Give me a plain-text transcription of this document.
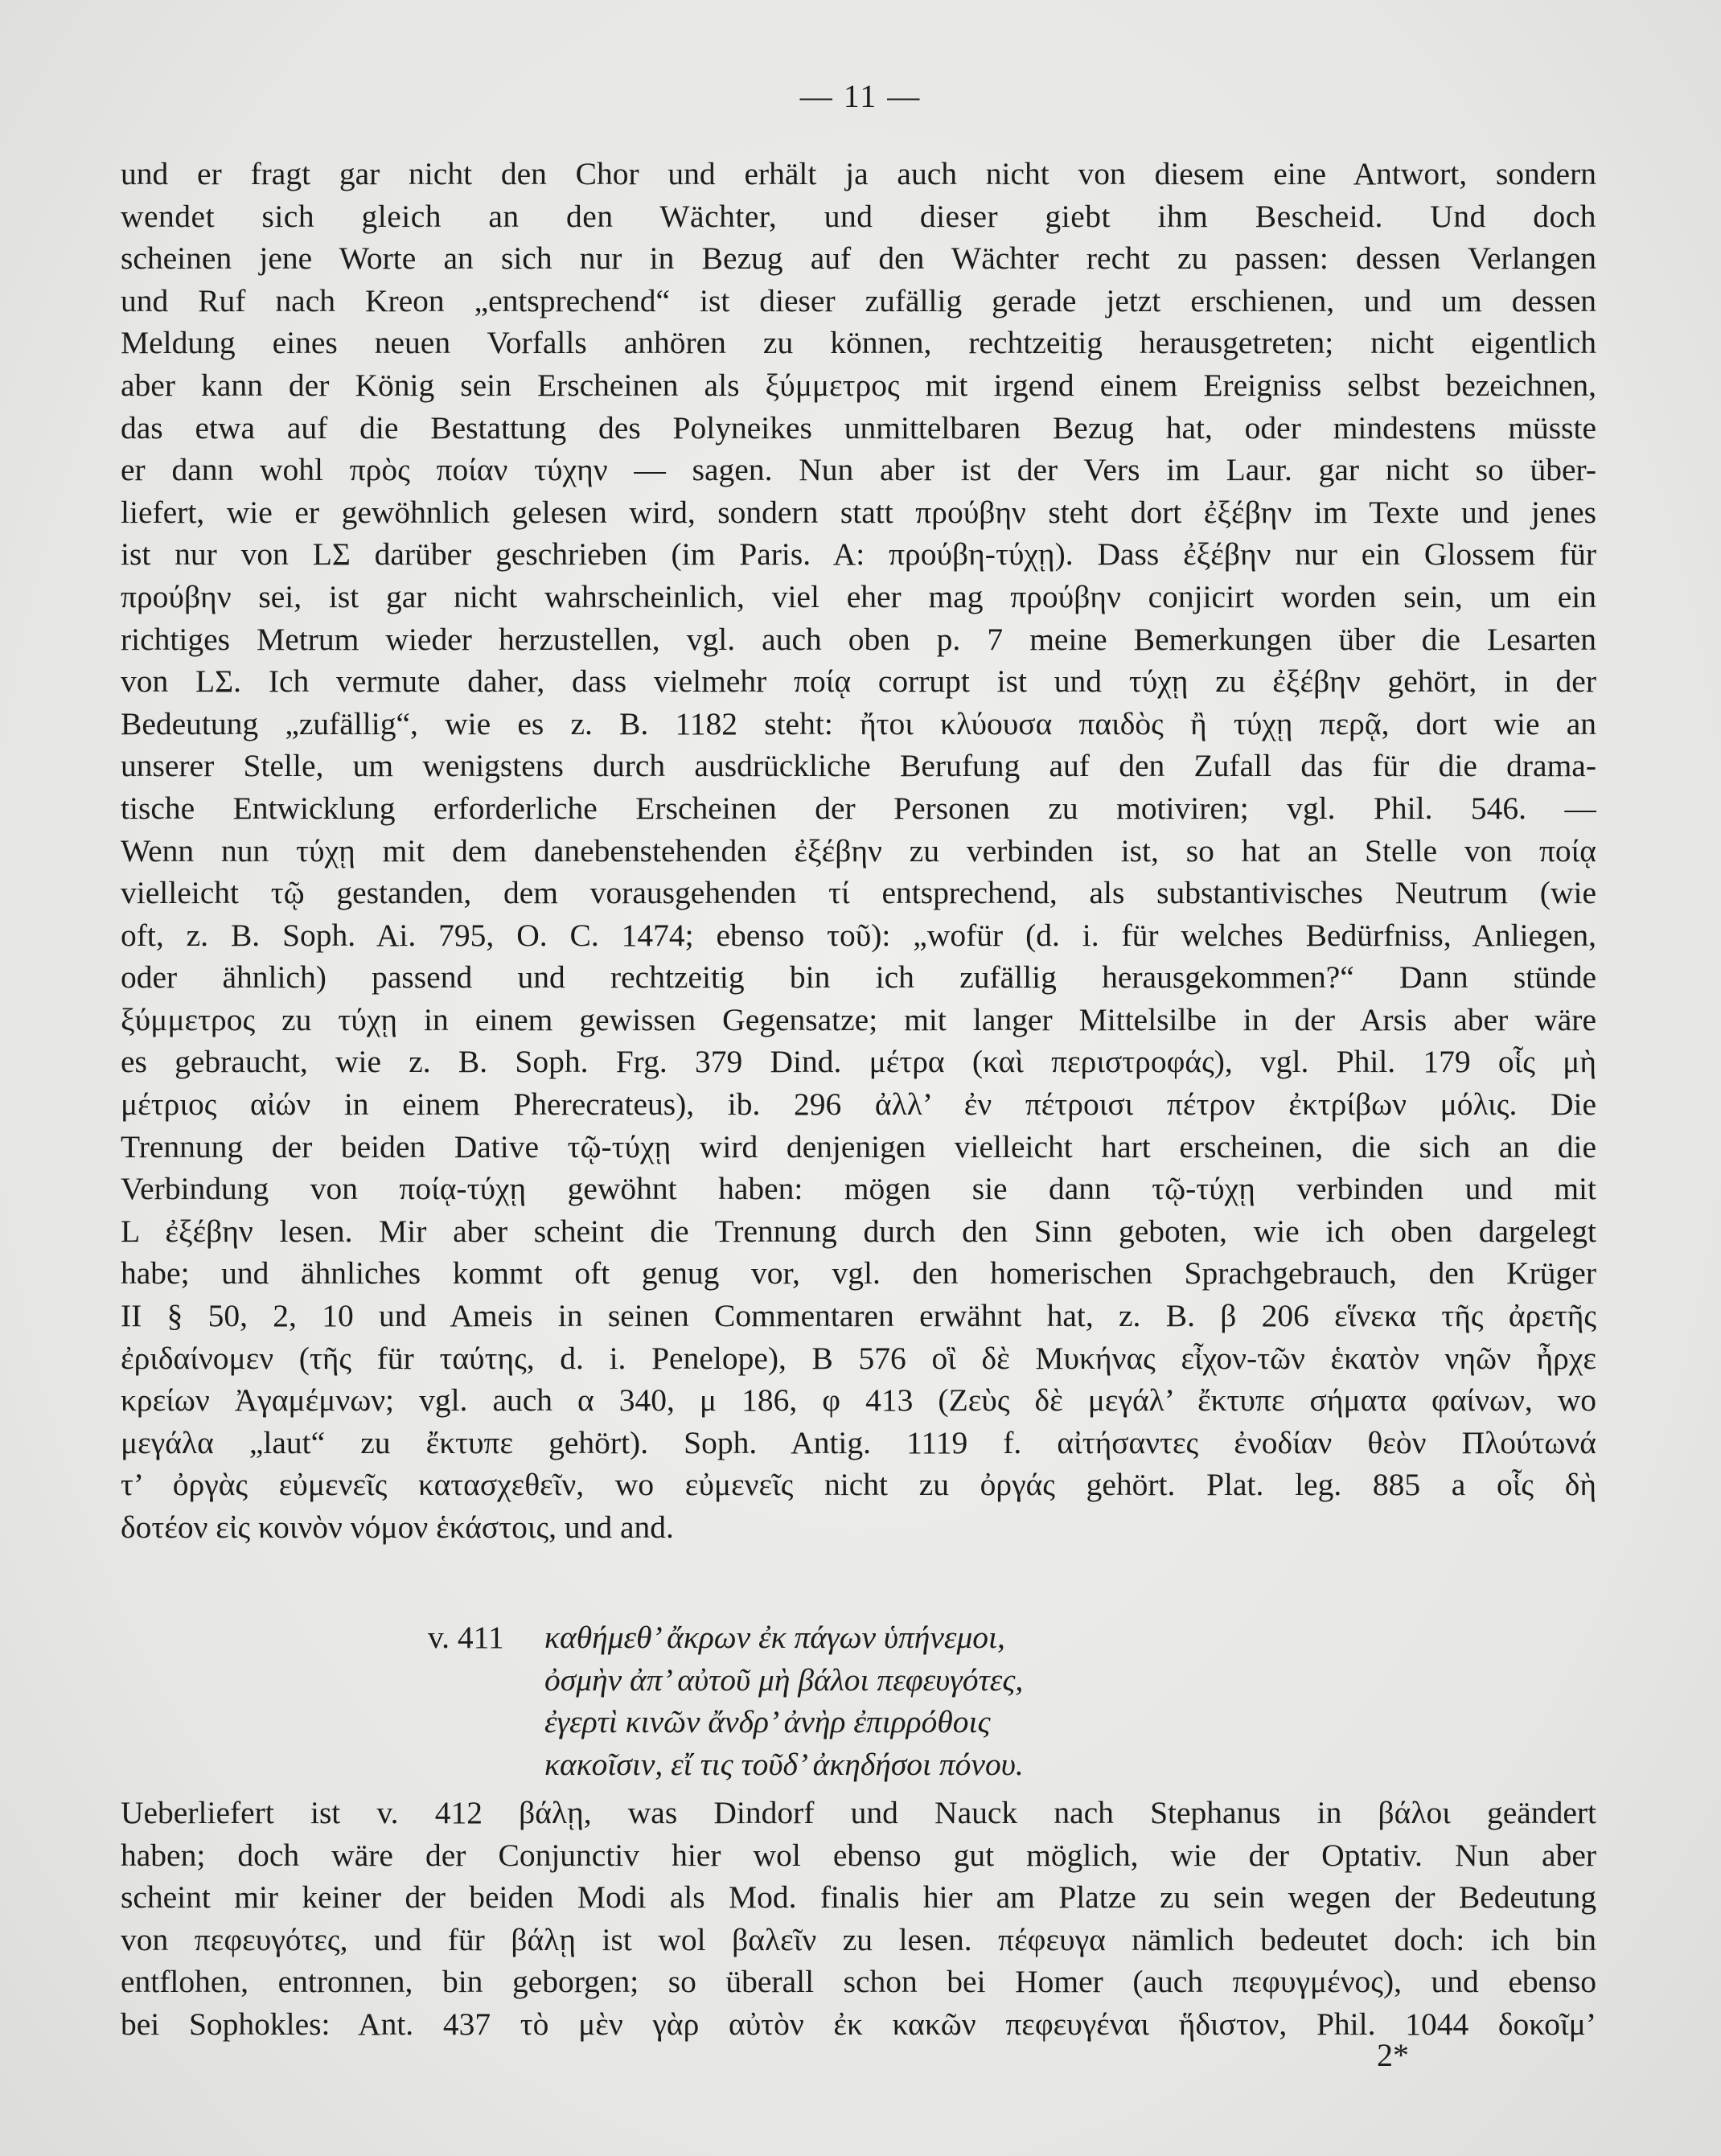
— 11 —
und er fragt gar nicht den Chor und erhält ja auch nicht von diesem eine Antwort, sondern
wendet sich gleich an den Wächter, und dieser giebt ihm Bescheid. Und doch
scheinen jene Worte an sich nur in Bezug auf den Wächter recht zu passen: dessen Verlangen
und Ruf nach Kreon „entsprechend“ ist dieser zufällig gerade jetzt erschienen, und um dessen
Meldung eines neuen Vorfalls anhören zu können, rechtzeitig herausgetreten; nicht eigentlich
aber kann der König sein Erscheinen als ξύμμετρος mit irgend einem Ereigniss selbst bezeichnen,
das etwa auf die Bestattung des Polyneikes unmittelbaren Bezug hat, oder mindestens müsste
er dann wohl πρὸς ποίαν τύχην — sagen. Nun aber ist der Vers im Laur. gar nicht so über-
liefert, wie er gewöhnlich gelesen wird, sondern statt προύβην steht dort ἐξέβην im Texte und jenes
ist nur von LΣ darüber geschrieben (im Paris. A: προύβη-τύχῃ). Dass ἐξέβην nur ein Glossem für
προύβην sei, ist gar nicht wahrscheinlich, viel eher mag προύβην conjicirt worden sein, um ein
richtiges Metrum wieder herzustellen, vgl. auch oben p. 7 meine Bemerkungen über die Lesarten
von LΣ. Ich vermute daher, dass vielmehr ποίᾳ corrupt ist und τύχῃ zu ἐξέβην gehört, in der
Bedeutung „zufällig“, wie es z. B. 1182 steht: ἤτοι κλύουσα παιδὸς ἢ τύχῃ περᾷ, dort wie an
unserer Stelle, um wenigstens durch ausdrückliche Berufung auf den Zufall das für die drama-
tische Entwicklung erforderliche Erscheinen der Personen zu motiviren; vgl. Phil. 546. —
Wenn nun τύχῃ mit dem danebenstehenden ἐξέβην zu verbinden ist, so hat an Stelle von ποίᾳ
vielleicht τῷ gestanden, dem vorausgehenden τί entsprechend, als substantivisches Neutrum (wie
oft, z. B. Soph. Ai. 795, O. C. 1474; ebenso τοῦ): „wofür (d. i. für welches Bedürfniss, Anliegen,
oder ähnlich) passend und rechtzeitig bin ich zufällig herausgekommen?“ Dann stünde
ξύμμετρος zu τύχῃ in einem gewissen Gegensatze; mit langer Mittelsilbe in der Arsis aber wäre
es gebraucht, wie z. B. Soph. Frg. 379 Dind. μέτρα (καὶ περιστροφάς), vgl. Phil. 179 οἷς μὴ
μέτριος αἰών in einem Pherecrateus), ib. 296 ἀλλ’ ἐν πέτροισι πέτρον ἐκτρίβων μόλις. Die
Trennung der beiden Dative τῷ-τύχῃ wird denjenigen vielleicht hart erscheinen, die sich an die
Verbindung von ποίᾳ-τύχῃ gewöhnt haben: mögen sie dann τῷ-τύχῃ verbinden und mit
L ἐξέβην lesen. Mir aber scheint die Trennung durch den Sinn geboten, wie ich oben dargelegt
habe; und ähnliches kommt oft genug vor, vgl. den homerischen Sprachgebrauch, den Krüger
II § 50, 2, 10 und Ameis in seinen Commentaren erwähnt hat, z. B. β 206 εἵνεκα τῆς ἀρετῆς
ἐριδαίνομεν (τῆς für ταύτης, d. i. Penelope), B 576 οἳ δὲ Μυκήνας εἶχον-τῶν ἑκατὸν νηῶν ἦρχε
κρείων Ἀγαμέμνων; vgl. auch α 340, μ 186, φ 413 (Ζεὺς δὲ μεγάλ’ ἔκτυπε σήματα φαίνων, wo
μεγάλα „laut“ zu ἔκτυπε gehört). Soph. Antig. 1119 f. αἰτήσαντες ἐνοδίαν θεὸν Πλούτωνά
τ’ ὀργὰς εὐμενεῖς κατασχεθεῖν, wo εὐμενεῖς nicht zu ὀργάς gehört. Plat. leg. 885 a οἷς δὴ
δοτέον εἰς κοινὸν νόμον ἑκάστοις, und and.
v. 411 καθήμεθ’ ἄκρων ἐκ πάγων ὑπήνεμοι,
ὀσμὴν ἀπ’ αὐτοῦ μὴ βάλοι πεφευγότες,
ἐγερτὶ κινῶν ἄνδρ’ ἀνὴρ ἐπιρρόθοις
κακοῖσιν, εἴ τις τοῦδ’ ἀκηδήσοι πόνου.
Ueberliefert ist v. 412 βάλῃ, was Dindorf und Nauck nach Stephanus in βάλοι geändert
haben; doch wäre der Conjunctiv hier wol ebenso gut möglich, wie der Optativ. Nun aber
scheint mir keiner der beiden Modi als Mod. finalis hier am Platze zu sein wegen der Bedeutung
von πεφευγότες, und für βάλῃ ist wol βαλεῖν zu lesen. πέφευγα nämlich bedeutet doch: ich bin
entflohen, entronnen, bin geborgen; so überall schon bei Homer (auch πεφυγμένος), und ebenso
bei Sophokles: Ant. 437 τὸ μὲν γὰρ αὐτὸν ἐκ κακῶν πεφευγέναι ἥδιστον, Phil. 1044 δοκοῖμ’
2*
